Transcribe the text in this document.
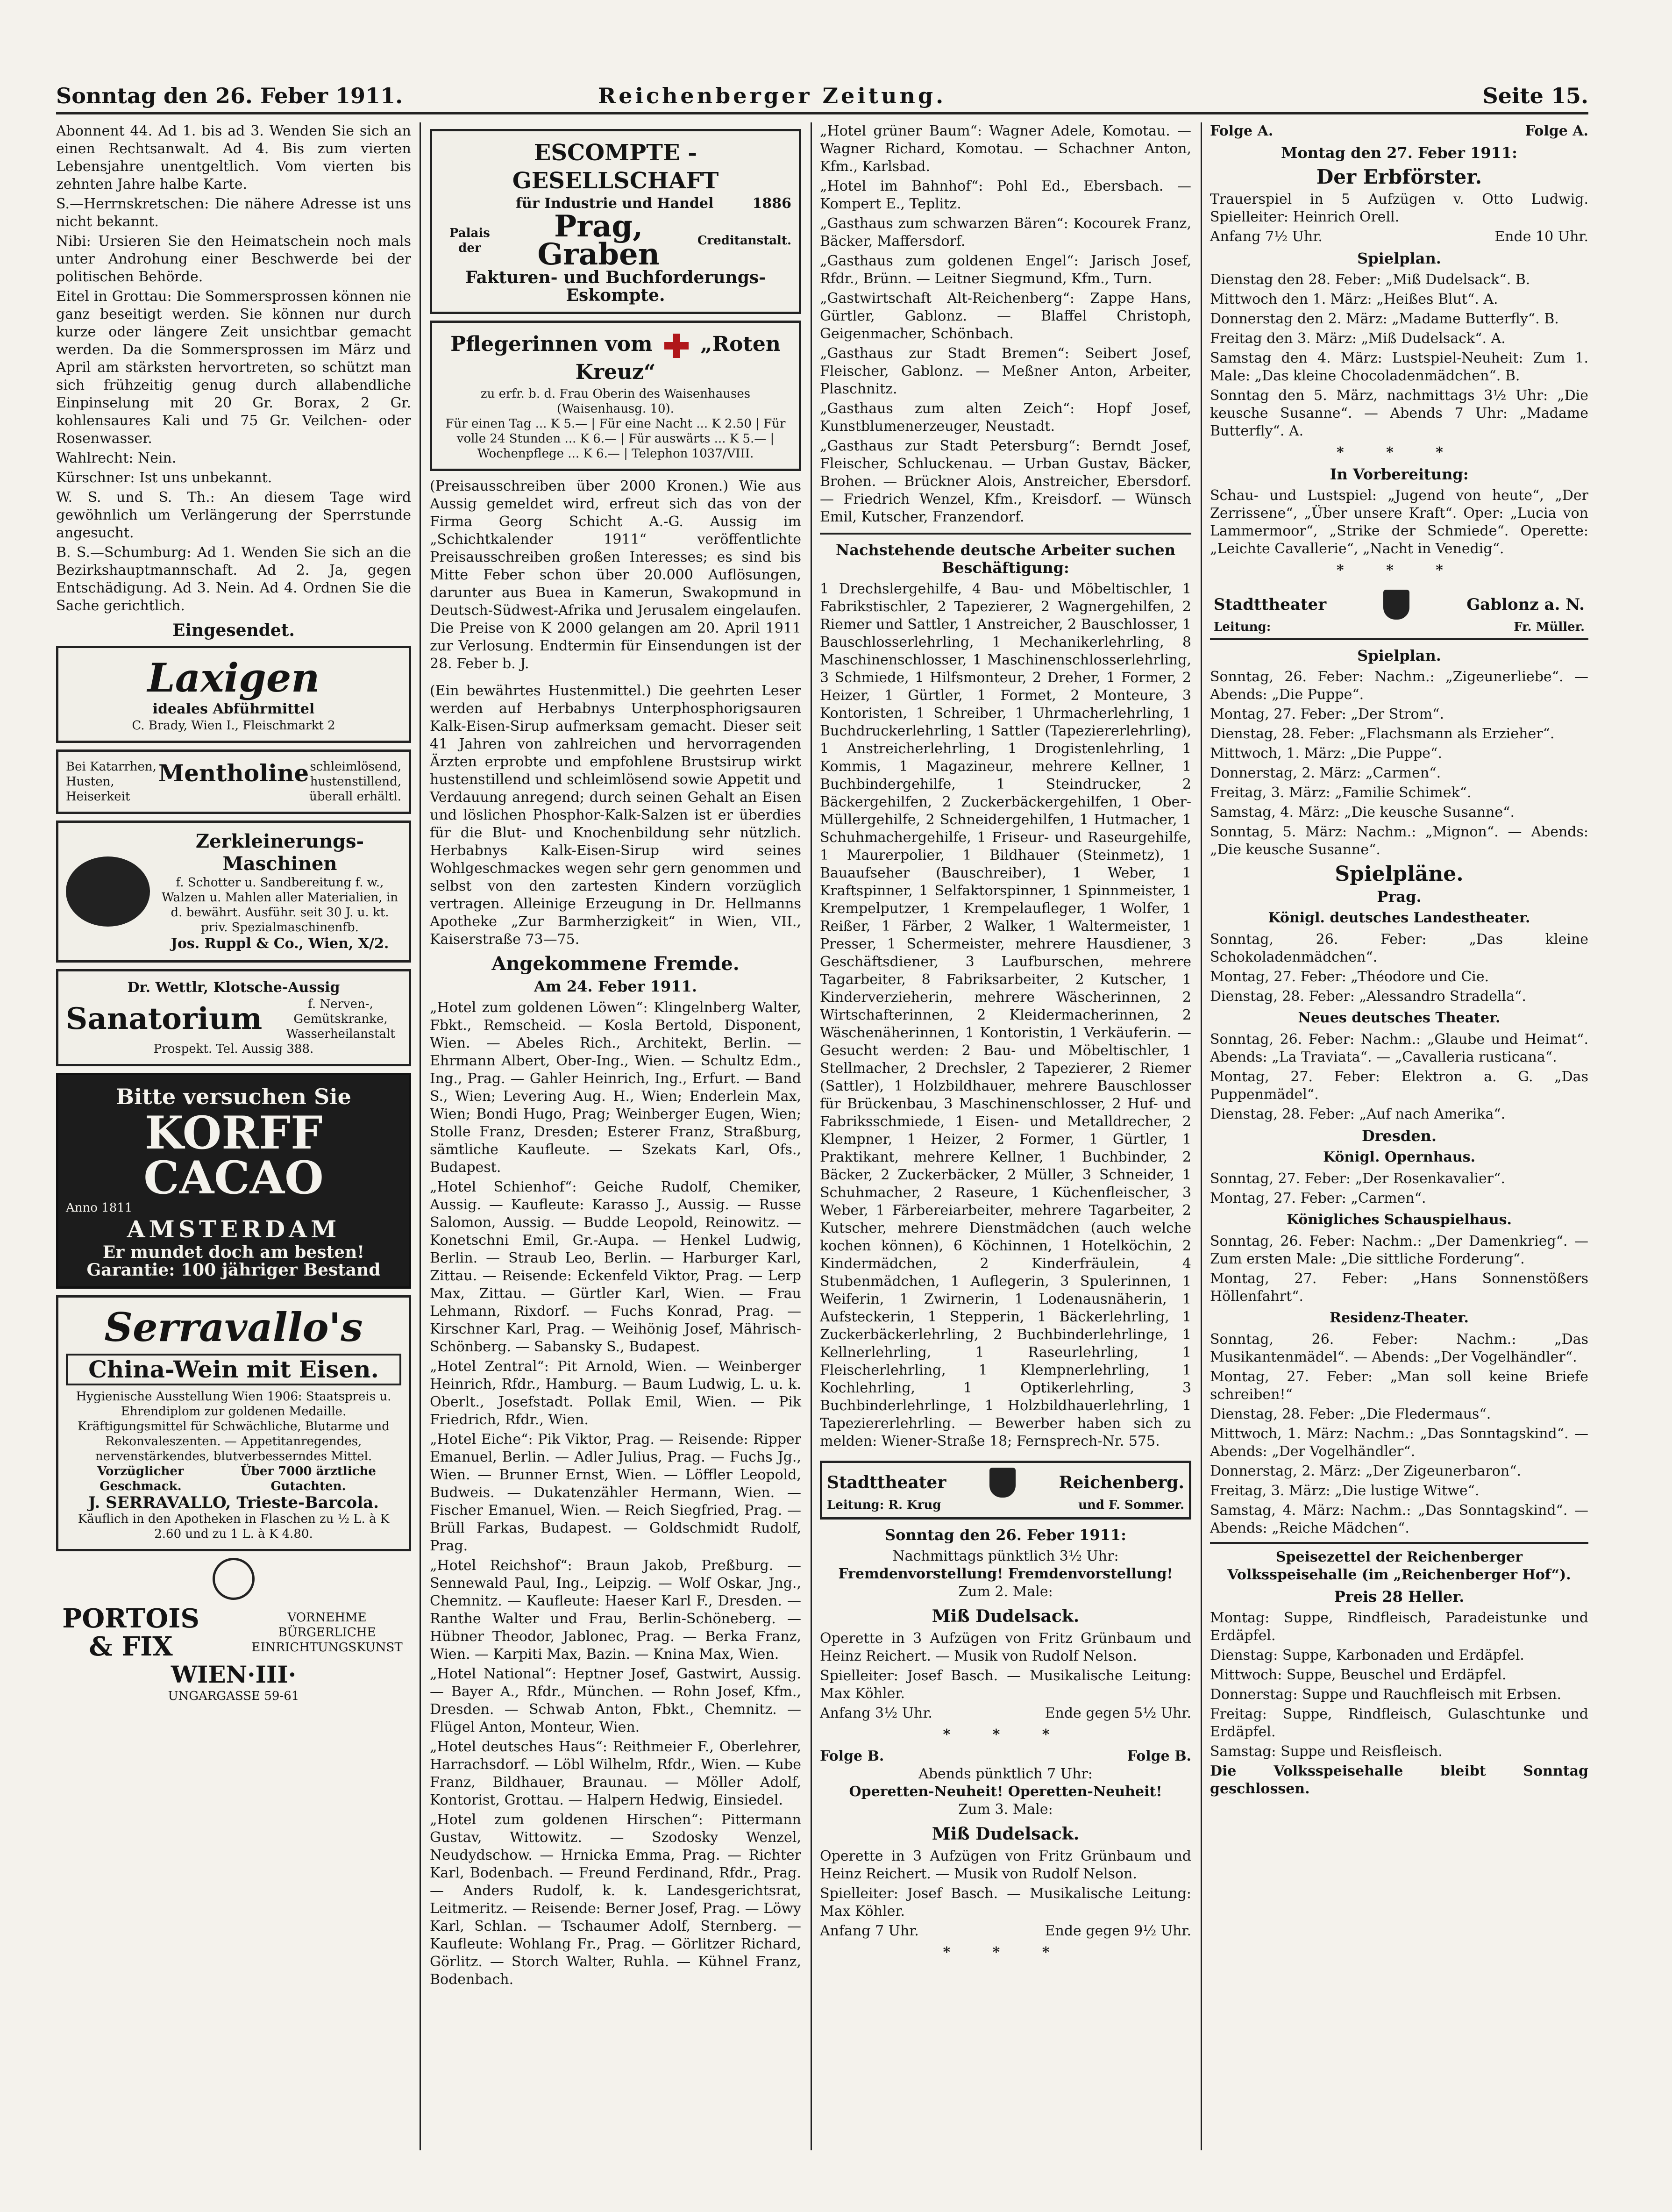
Sonntag den 26. Feber 1911.	Reichenberger Zeitung.	Seite 15.

Abonnent 44. Ad 1. bis ad 3. Wenden Sie sich an einen Rechtsanwalt. Ad 4. Bis zum vierten Lebensjahre unentgeltlich. Vom vierten bis zehnten Jahre halbe Karte.

S.—Herrnskretschen: Die nähere Adresse ist uns nicht bekannt.

Nibi: Ursieren Sie den Heimatschein noch mals unter Androhung einer Beschwerde bei der politischen Behörde.

Eitel in Grottau: Die Sommersprossen können nie ganz beseitigt werden. Sie können nur durch kurze oder längere Zeit unsichtbar gemacht werden. Da die Sommersprossen im März und April am stärksten hervortreten, so schützt man sich frühzeitig genug durch allabendliche Einpinselung mit 20 Gr. Borax, 2 Gr. kohlensaures Kali und 75 Gr. Veilchen- oder Rosenwasser.

Wahlrecht: Nein.

Kürschner: Ist uns unbekannt.

W. S. und S. Th.: An diesem Tage wird gewöhnlich um Verlängerung der Sperrstunde angesucht.

B. S.—Schumburg: Ad 1. Wenden Sie sich an die Bezirkshauptmannschaft. Ad 2. Ja, gegen Entschädigung. Ad 3. Nein. Ad 4. Ordnen Sie die Sache gerichtlich.

Eingesendet.
Laxigen
ideales Abführmittel
C. Brady, Wien I., Fleischmarkt 2
Bei Katarrhen, Husten, Heiserkeit
Mentholine schleimlösend, hustenstillend, überall erhältl.
Zerkleinerungs-Maschinen
f. Schotter u. Sandbereitung f. w., Walzen u. Mahlen aller Materialien, in d. bewährt. Ausführ. seit 30 J. u. kt. priv. Spezialmaschinenfb.
Jos. Ruppl & Co., Wien, X/2.
Dr. Wettlr, Klotsche-Aussig
Sanatorium	f. Nerven-, Gemütskranke, Wasserheilanstalt
Prospekt. Tel. Aussig 388.
Bitte versuchen Sie
KORFF CACAO
Anno 1811
AMSTERDAM
Er mundet doch am besten!
Garantie: 100 jähriger Bestand
Serravallo's
China-Wein mit Eisen.
Hygienische Ausstellung Wien 1906: Staatspreis u. Ehrendiplom zur goldenen Medaille. Kräftigungsmittel für Schwächliche, Blutarme und Rekonvaleszenten. — Appetitanregendes, nervenstärkendes, blutverbesserndes Mittel.
Vorzüglicher Geschmack.
Über 7000 ärztliche Gutachten.
J. SERRAVALLO, Trieste-Barcola.
Käuflich in den Apotheken in Flaschen zu ½ L. à K 2.60 und zu 1 L. à K 4.80.
PORTOIS & FIX
VORNEHME BÜRGERLICHE EINRICHTUNGSKUNST
WIEN·III·
UNGARGASSE 59-61
ESCOMPTE - GESELLSCHAFT
für Industrie und Handel	1886
Palais der
Prag, Graben	Creditanstalt.
Fakturen- und Buchforderungs-Eskompte.
Pflegerinnen vom „Roten Kreuz“
zu erfr. b. d. Frau Oberin des Waisenhauses (Waisenhausg. 10).
Für einen Tag ... K 5.— | Für eine Nacht ... K 2.50 | Für volle 24 Stunden ... K 6.— | Für auswärts ... K 5.— | Wochenpflege ... K 6.— | Telephon 1037/VIII.

(Preisausschreiben über 2000 Kronen.) Wie aus Aussig gemeldet wird, erfreut sich das von der Firma Georg Schicht A.-G. Aussig im „Schichtkalender 1911“ veröffentlichte Preisausschreiben großen Interesses; es sind bis Mitte Feber schon über 20.000 Auflösungen, darunter aus Buea in Kamerun, Swakopmund in Deutsch-Südwest-Afrika und Jerusalem eingelaufen. Die Preise von K 2000 gelangen am 20. April 1911 zur Verlosung. Endtermin für Einsendungen ist der 28. Feber b. J.

(Ein bewährtes Hustenmittel.) Die geehrten Leser werden auf Herbabnys Unterphosphorigsauren Kalk-Eisen-Sirup aufmerksam gemacht. Dieser seit 41 Jahren von zahlreichen und hervorragenden Ärzten erprobte und empfohlene Brustsirup wirkt hustenstillend und schleimlösend sowie Appetit und Verdauung anregend; durch seinen Gehalt an Eisen und löslichen Phosphor-Kalk-Salzen ist er überdies für die Blut- und Knochenbildung sehr nützlich. Herbabnys Kalk-Eisen-Sirup wird seines Wohlgeschmackes wegen sehr gern genommen und selbst von den zartesten Kindern vorzüglich vertragen. Alleinige Erzeugung in Dr. Hellmanns Apotheke „Zur Barmherzigkeit“ in Wien, VII., Kaiserstraße 73—75.

Angekommene Fremde.
Am 24. Feber 1911.

„Hotel zum goldenen Löwen“: Klingelnberg Walter, Fbkt., Remscheid. — Kosla Bertold, Disponent, Wien. — Abeles Rich., Architekt, Berlin. — Ehrmann Albert, Ober-Ing., Wien. — Schultz Edm., Ing., Prag. — Gahler Heinrich, Ing., Erfurt. — Band S., Wien; Levering Aug. H., Wien; Enderlein Max, Wien; Bondi Hugo, Prag; Weinberger Eugen, Wien; Stolle Franz, Dresden; Esterer Franz, Straßburg, sämtliche Kaufleute. — Szekats Karl, Ofs., Budapest.

„Hotel Schienhof“: Geiche Rudolf, Chemiker, Aussig. — Kaufleute: Karasso J., Aussig. — Russe Salomon, Aussig. — Budde Leopold, Reinowitz. — Konetschni Emil, Gr.-Aupa. — Henkel Ludwig, Berlin. — Straub Leo, Berlin. — Harburger Karl, Zittau. — Reisende: Eckenfeld Viktor, Prag. — Lerp Max, Zittau. — Gürtler Karl, Wien. — Frau Lehmann, Rixdorf. — Fuchs Konrad, Prag. — Kirschner Karl, Prag. — Weihönig Josef, Mährisch-Schönberg. — Sabansky S., Budapest.

„Hotel Zentral“: Pit Arnold, Wien. — Weinberger Heinrich, Rfdr., Hamburg. — Baum Ludwig, L. u. k. Oberlt., Josefstadt. Pollak Emil, Wien. — Pik Friedrich, Rfdr., Wien.

„Hotel Eiche“: Pik Viktor, Prag. — Reisende: Ripper Emanuel, Berlin. — Adler Julius, Prag. — Fuchs Jg., Wien. — Brunner Ernst, Wien. — Löffler Leopold, Budweis. — Dukatenzähler Hermann, Wien. — Fischer Emanuel, Wien. — Reich Siegfried, Prag. — Brüll Farkas, Budapest. — Goldschmidt Rudolf, Prag.

„Hotel Reichshof“: Braun Jakob, Preßburg. — Sennewald Paul, Ing., Leipzig. — Wolf Oskar, Jng., Chemnitz. — Kaufleute: Haeser Karl F., Dresden. — Ranthe Walter und Frau, Berlin-Schöneberg. — Hübner Theodor, Jablonec, Prag. — Berka Franz, Wien. — Karpiti Max, Bazin. — Knina Max, Wien.

„Hotel National“: Heptner Josef, Gastwirt, Aussig. — Bayer A., Rfdr., München. — Rohn Josef, Kfm., Dresden. — Schwab Anton, Fbkt., Chemnitz. — Flügel Anton, Monteur, Wien.

„Hotel deutsches Haus“: Reithmeier F., Oberlehrer, Harrachsdorf. — Löbl Wilhelm, Rfdr., Wien. — Kube Franz, Bildhauer, Braunau. — Möller Adolf, Kontorist, Grottau. — Halpern Hedwig, Einsiedel.

„Hotel zum goldenen Hirschen“: Pittermann Gustav, Wittowitz. — Szodosky Wenzel, Neudydschow. — Hrnicka Emma, Prag. — Richter Karl, Bodenbach. — Freund Ferdinand, Rfdr., Prag. — Anders Rudolf, k. k. Landesgerichtsrat, Leitmeritz. — Reisende: Berner Josef, Prag. — Löwy Karl, Schlan. — Tschaumer Adolf, Sternberg. — Kaufleute: Wohlang Fr., Prag. — Görlitzer Richard, Görlitz. — Storch Walter, Ruhla. — Kühnel Franz, Bodenbach.

„Hotel grüner Baum“: Wagner Adele, Komotau. — Wagner Richard, Komotau. — Schachner Anton, Kfm., Karlsbad.

„Hotel im Bahnhof“: Pohl Ed., Ebersbach. — Kompert E., Teplitz.

„Gasthaus zum schwarzen Bären“: Kocourek Franz, Bäcker, Maffersdorf.

„Gasthaus zum goldenen Engel“: Jarisch Josef, Rfdr., Brünn. — Leitner Siegmund, Kfm., Turn.

„Gastwirtschaft Alt-Reichenberg“: Zappe Hans, Gürtler, Gablonz. — Blaffel Christoph, Geigenmacher, Schönbach.

„Gasthaus zur Stadt Bremen“: Seibert Josef, Fleischer, Gablonz. — Meßner Anton, Arbeiter, Plaschnitz.

„Gasthaus zum alten Zeich“: Hopf Josef, Kunstblumenerzeuger, Neustadt.

„Gasthaus zur Stadt Petersburg“: Berndt Josef, Fleischer, Schluckenau. — Urban Gustav, Bäcker, Brohen. — Brückner Alois, Anstreicher, Ebersdorf. — Friedrich Wenzel, Kfm., Kreisdorf. — Wünsch Emil, Kutscher, Franzendorf.

Nachstehende deutsche Arbeiter suchen Beschäftigung:

1 Drechslergehilfe, 4 Bau- und Möbeltischler, 1 Fabrikstischler, 2 Tapezierer, 2 Wagnergehilfen, 2 Riemer und Sattler, 1 Anstreicher, 2 Bauschlosser, 1 Bauschlosserlehrling, 1 Mechanikerlehrling, 8 Maschinenschlosser, 1 Maschinenschlosserlehrling, 3 Schmiede, 1 Hilfsmonteur, 2 Dreher, 1 Former, 2 Heizer, 1 Gürtler, 1 Formet, 2 Monteure, 3 Kontoristen, 1 Schreiber, 1 Uhrmacherlehrling, 1 Buchdruckerlehrling, 1 Sattler (Tapeziererlehrling), 1 Anstreicherlehrling, 1 Drogistenlehrling, 1 Kommis, 1 Magazineur, mehrere Kellner, 1 Buchbindergehilfe, 1 Steindrucker, 2 Bäckergehilfen, 2 Zuckerbäckergehilfen, 1 Ober-Müllergehilfe, 2 Schneidergehilfen, 1 Hutmacher, 1 Schuhmachergehilfe, 1 Friseur- und Raseurgehilfe, 1 Maurerpolier, 1 Bildhauer (Steinmetz), 1 Bauaufseher (Bauschreiber), 1 Weber, 1 Kraftspinner, 1 Selfaktorspinner, 1 Spinnmeister, 1 Krempelputzer, 1 Krempelaufleger, 1 Wolfer, 1 Reißer, 1 Färber, 2 Walker, 1 Waltermeister, 1 Presser, 1 Schermeister, mehrere Hausdiener, 3 Geschäftsdiener, 3 Laufburschen, mehrere Tagarbeiter, 8 Fabriksarbeiter, 2 Kutscher, 1 Kinderverzieherin, mehrere Wäscherinnen, 2 Wirtschafterinnen, 2 Kleidermacherinnen, 2 Wäschenäherinnen, 1 Kontoristin, 1 Verkäuferin. — Gesucht werden: 2 Bau- und Möbeltischler, 1 Stellmacher, 2 Drechsler, 2 Tapezierer, 2 Riemer (Sattler), 1 Holzbildhauer, mehrere Bauschlosser für Brückenbau, 3 Maschinenschlosser, 2 Huf- und Fabriksschmiede, 1 Eisen- und Metalldrecher, 2 Klempner, 1 Heizer, 2 Former, 1 Gürtler, 1 Praktikant, mehrere Kellner, 1 Buchbinder, 2 Bäcker, 2 Zuckerbäcker, 2 Müller, 3 Schneider, 1 Schuhmacher, 2 Raseure, 1 Küchenfleischer, 3 Weber, 1 Färbereiarbeiter, mehrere Tagarbeiter, 2 Kutscher, mehrere Dienstmädchen (auch welche kochen können), 6 Köchinnen, 1 Hotelköchin, 2 Kindermädchen, 2 Kinderfräulein, 4 Stubenmädchen, 1 Auflegerin, 3 Spulerinnen, 1 Weiferin, 1 Zwirnerin, 1 Lodenausnäherin, 1 Aufsteckerin, 1 Stepperin, 1 Bäckerlehrling, 1 Zuckerbäckerlehrling, 2 Buchbinderlehrlinge, 1 Kellnerlehrling, 1 Raseurlehrling, 1 Fleischerlehrling, 1 Klempnerlehrling, 1 Kochlehrling, 1 Optikerlehrling, 3 Buchbinderlehrlinge, 1 Holzbildhauerlehrling, 1 Tapeziererlehrling. — Bewerber haben sich zu melden: Wiener-Straße 18; Fernsprech-Nr. 575.

Stadttheater	Reichenberg.
Leitung: R. Krug	und F. Sommer.
Sonntag den 26. Feber 1911:
Nachmittags pünktlich 3½ Uhr:
Fremdenvorstellung! Fremdenvorstellung!
Zum 2. Male:
Miß Dudelsack.

Operette in 3 Aufzügen von Fritz Grünbaum und Heinz Reichert. — Musik von Rudolf Nelson.

Spielleiter: Josef Basch. — Musikalische Leitung: Max Köhler.

Anfang 3½ Uhr.	Ende gegen 5½ Uhr.
* * *
Folge B.	Folge B.
Abends pünktlich 7 Uhr:
Operetten-Neuheit! Operetten-Neuheit!
Zum 3. Male:
Miß Dudelsack.

Operette in 3 Aufzügen von Fritz Grünbaum und Heinz Reichert. — Musik von Rudolf Nelson.

Spielleiter: Josef Basch. — Musikalische Leitung: Max Köhler.

Anfang 7 Uhr.	Ende gegen 9½ Uhr.
* * *
Folge A.	Folge A.
Montag den 27. Feber 1911:
Der Erbförster.

Trauerspiel in 5 Aufzügen v. Otto Ludwig. Spielleiter: Heinrich Orell.

Anfang 7½ Uhr.	Ende 10 Uhr.
Spielplan.

Dienstag den 28. Feber: „Miß Dudelsack“. B.

Mittwoch den 1. März: „Heißes Blut“. A.

Donnerstag den 2. März: „Madame Butterfly“. B.

Freitag den 3. März: „Miß Dudelsack“. A.

Samstag den 4. März: Lustspiel-Neuheit: Zum 1. Male: „Das kleine Chocoladenmädchen“. B.

Sonntag den 5. März, nachmittags 3½ Uhr: „Die keusche Susanne“. — Abends 7 Uhr: „Madame Butterfly“. A.

* * *
In Vorbereitung:

Schau- und Lustspiel: „Jugend von heute“, „Der Zerrissene“, „Über unsere Kraft“. Oper: „Lucia von Lammermoor“, „Strike der Schmiede“. Operette: „Leichte Cavallerie“, „Nacht in Venedig“.

* * *
Stadttheater	Gablonz a. N.
Leitung:	Fr. Müller.
Spielplan.

Sonntag, 26. Feber: Nachm.: „Zigeunerliebe“. — Abends: „Die Puppe“.

Montag, 27. Feber: „Der Strom“.

Dienstag, 28. Feber: „Flachsmann als Erzieher“.

Mittwoch, 1. März: „Die Puppe“.

Donnerstag, 2. März: „Carmen“.

Freitag, 3. März: „Familie Schimek“.

Samstag, 4. März: „Die keusche Susanne“.

Sonntag, 5. März: Nachm.: „Mignon“. — Abends: „Die keusche Susanne“.

Spielpläne.
Prag.
Königl. deutsches Landestheater.

Sonntag, 26. Feber: „Das kleine Schokoladenmädchen“.

Montag, 27. Feber: „Théodore und Cie.

Dienstag, 28. Feber: „Alessandro Stradella“.

Neues deutsches Theater.

Sonntag, 26. Feber: Nachm.: „Glaube und Heimat“. Abends: „La Traviata“. — „Cavalleria rusticana“.

Montag, 27. Feber: Elektron a. G. „Das Puppenmädel“.

Dienstag, 28. Feber: „Auf nach Amerika“.

Dresden.
Königl. Opernhaus.

Sonntag, 27. Feber: „Der Rosenkavalier“.

Montag, 27. Feber: „Carmen“.

Königliches Schauspielhaus.

Sonntag, 26. Feber: Nachm.: „Der Damenkrieg“. — Zum ersten Male: „Die sittliche Forderung“.

Montag, 27. Feber: „Hans Sonnenstößers Höllenfahrt“.

Residenz-Theater.

Sonntag, 26. Feber: Nachm.: „Das Musikantenmädel“. — Abends: „Der Vogelhändler“.

Montag, 27. Feber: „Man soll keine Briefe schreiben!“

Dienstag, 28. Feber: „Die Fledermaus“.

Mittwoch, 1. März: Nachm.: „Das Sonntagskind“. — Abends: „Der Vogelhändler“.

Donnerstag, 2. März: „Der Zigeunerbaron“.

Freitag, 3. März: „Die lustige Witwe“.

Samstag, 4. März: Nachm.: „Das Sonntagskind“. — Abends: „Reiche Mädchen“.

Speisezettel der Reichenberger Volksspeisehalle (im „Reichenberger Hof“).
Preis 28 Heller.

Montag: Suppe, Rindfleisch, Paradeistunke und Erdäpfel.

Dienstag: Suppe, Karbonaden und Erdäpfel.

Mittwoch: Suppe, Beuschel und Erdäpfel.

Donnerstag: Suppe und Rauchfleisch mit Erbsen.

Freitag: Suppe, Rindfleisch, Gulaschtunke und Erdäpfel.

Samstag: Suppe und Reisfleisch.

Die Volksspeisehalle bleibt Sonntag geschlossen.
